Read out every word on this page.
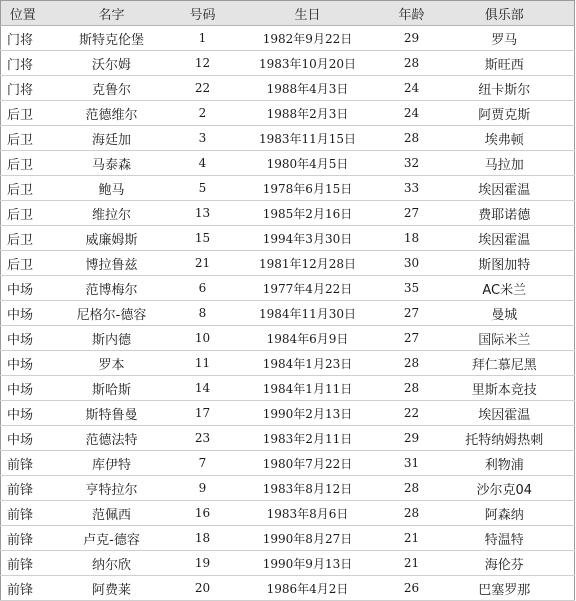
位置	名字	号码	生日	年龄	俱乐部
门将	斯特克伦堡	1	1982年9月22日	29	罗马
门将	沃尔姆	12	1983年10月20日	28	斯旺西
门将	克鲁尔	22	1988年4月3日	24	纽卡斯尔
后卫	范德维尔	2	1988年2月3日	24	阿贾克斯
后卫	海廷加	3	1983年11月15日	28	埃弗顿
后卫	马泰森	4	1980年4月5日	32	马拉加
后卫	鲍马	5	1978年6月15日	33	埃因霍温
后卫	维拉尔	13	1985年2月16日	27	费耶诺德
后卫	威廉姆斯	15	1994年3月30日	18	埃因霍温
后卫	博拉鲁兹	21	1981年12月28日	30	斯图加特
中场	范博梅尔	6	1977年4月22日	35	AC米兰
中场	尼格尔-德容	8	1984年11月30日	27	曼城
中场	斯内德	10	1984年6月9日	27	国际米兰
中场	罗本	11	1984年1月23日	28	拜仁慕尼黑
中场	斯哈斯	14	1984年1月11日	28	里斯本竞技
中场	斯特鲁曼	17	1990年2月13日	22	埃因霍温
中场	范德法特	23	1983年2月11日	29	托特纳姆热刺
前锋	库伊特	7	1980年7月22日	31	利物浦
前锋	亨特拉尔	9	1983年8月12日	28	沙尔克04
前锋	范佩西	16	1983年8月6日	28	阿森纳
前锋	卢克-德容	18	1990年8月27日	21	特温特
前锋	纳尔欣	19	1990年9月13日	21	海伦芬
前锋	阿费莱	20	1986年4月2日	26	巴塞罗那
